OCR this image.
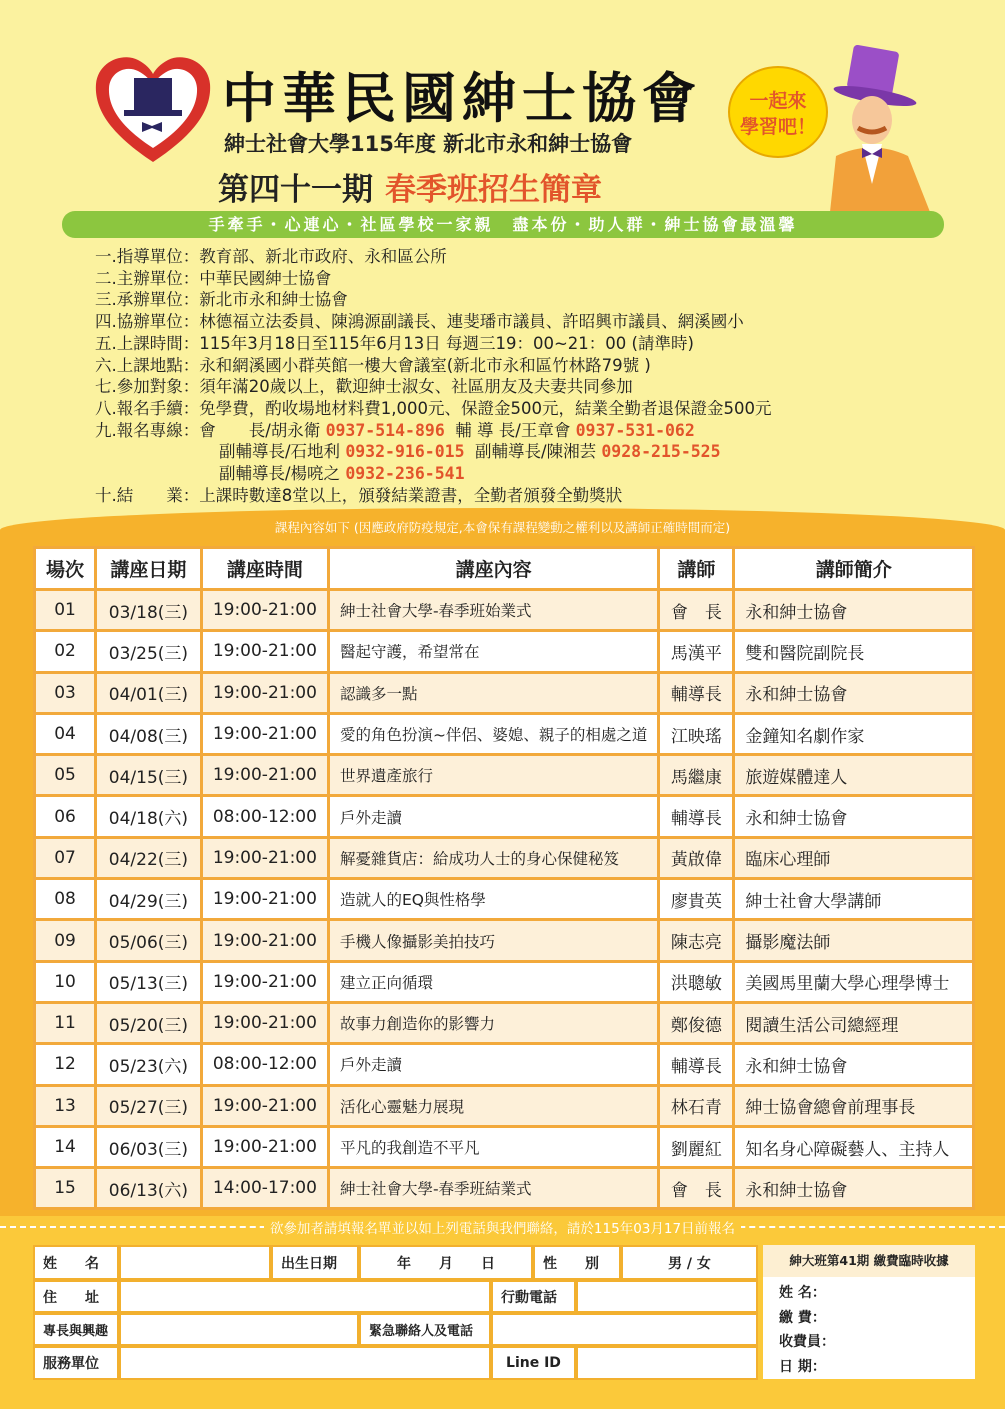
中華民國紳士協會
紳士社會大學115年度 新北市永和紳士協會
第四十一期 春季班招生簡章
一起來
學習吧！
手牽手・心連心・社區學校一家親　盡本份・助人群・紳士協會最溫馨
一.指導單位：教育部、新北市政府、永和區公所
二.主辦單位：中華民國紳士協會
三.承辦單位：新北市永和紳士協會
四.協辦單位：林德福立法委員、陳鴻源副議長、連斐璠市議員、許昭興市議員、網溪國小
五.上課時間：115年3月18日至115年6月13日 每週三19：00~21：00 (請準時)
六.上課地點：永和網溪國小群英館一樓大會議室(新北市永和區竹林路79號 )
七.參加對象：須年滿20歲以上，歡迎紳士淑女、社區朋友及夫妻共同參加
八.報名手續：免學費，酌收場地材料費1,000元、保證金500元，結業全勤者退保證金500元
九.報名專線：會　　長/胡永衛 0937-514-896 輔 導 長/王章會 0937-531-062
副輔導長/石地利 0932-916-015 副輔導長/陳湘芸 0928-215-525
副輔導長/楊喨之 0932-236-541
十.結　　業：上課時數達8堂以上，頒發結業證書，全勤者頒發全勤獎狀
課程內容如下 (因應政府防疫規定,本會保有課程變動之權利以及講師正確時間而定)
場次	講座日期	講座時間	講座內容	講師	講師簡介
01	03/18(三)	19:00-21:00	紳士社會大學-春季班始業式	會　長	永和紳士協會
02	03/25(三)	19:00-21:00	醫起守護，希望常在	馬漢平	雙和醫院副院長
03	04/01(三)	19:00-21:00	認識多一點	輔導長	永和紳士協會
04	04/08(三)	19:00-21:00	愛的角色扮演~伴侶、婆媳、親子的相處之道	江映瑤	金鐘知名劇作家
05	04/15(三)	19:00-21:00	世界遺產旅行	馬繼康	旅遊媒體達人
06	04/18(六)	08:00-12:00	戶外走讀	輔導長	永和紳士協會
07	04/22(三)	19:00-21:00	解憂雜貨店：給成功人士的身心保健秘笈	黃啟偉	臨床心理師
08	04/29(三)	19:00-21:00	造就人的EQ與性格學	廖貴英	紳士社會大學講師
09	05/06(三)	19:00-21:00	手機人像攝影美拍技巧	陳志亮	攝影魔法師
10	05/13(三)	19:00-21:00	建立正向循環	洪聰敏	美國馬里蘭大學心理學博士
11	05/20(三)	19:00-21:00	故事力創造你的影響力	鄭俊德	閱讀生活公司總經理
12	05/23(六)	08:00-12:00	戶外走讀	輔導長	永和紳士協會
13	05/27(三)	19:00-21:00	活化心靈魅力展現	林石青	紳士協會總會前理事長
14	06/03(三)	19:00-21:00	平凡的我創造不平凡	劉麗紅	知名身心障礙藝人、主持人
15	06/13(六)	14:00-17:00	紳士社會大學-春季班結業式	會　長	永和紳士協會
欲參加者請填報名單並以如上列電話與我們聯絡，請於115年03月17日前報名
姓　　名	出生日期	年　　月　　日	性　　別	男 / 女
住　　址	行動電話
專長與興趣	緊急聯絡人及電話
服務單位	Line ID
紳大班第41期 繳費臨時收據
姓 名：
繳 費：
收費員：
日 期：
